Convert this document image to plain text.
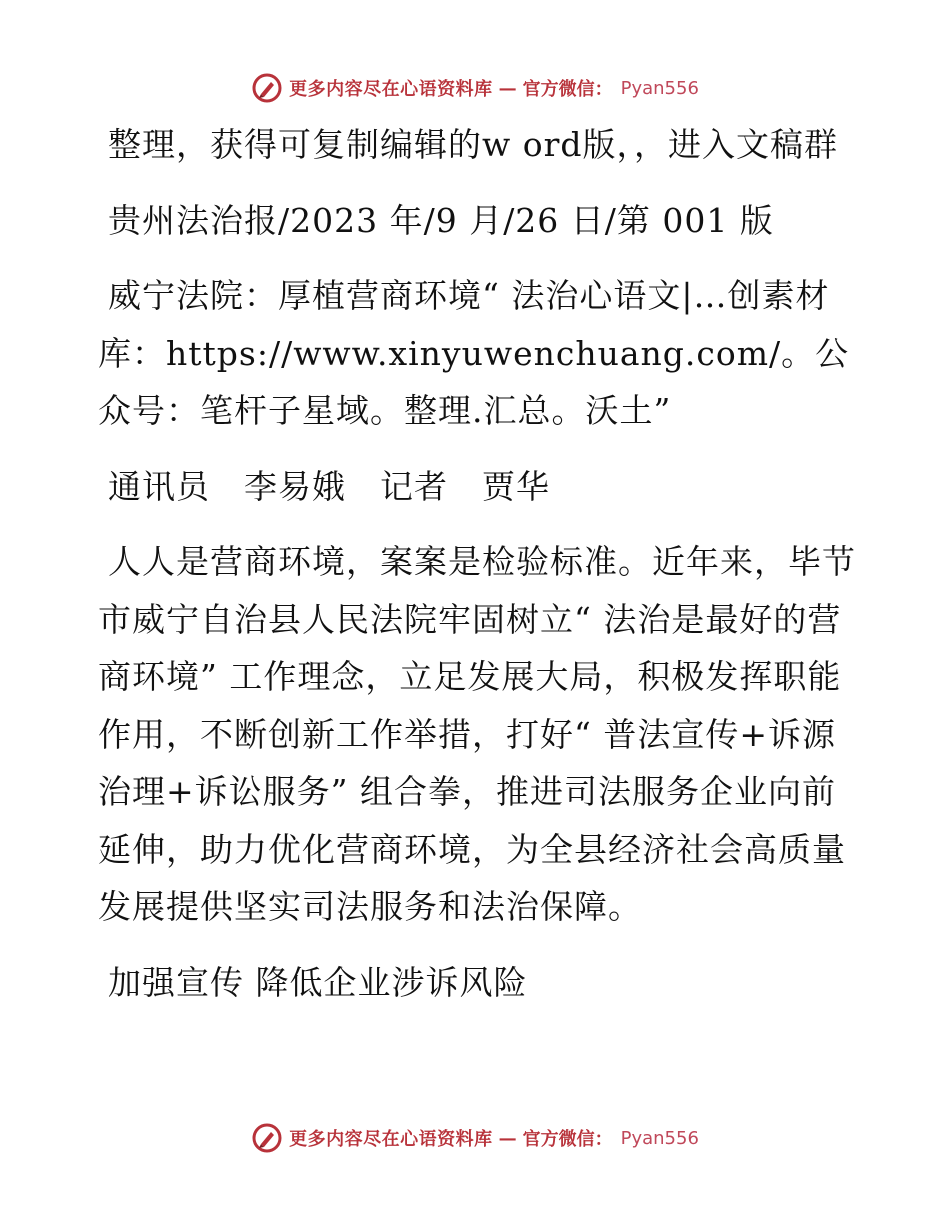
更多内容尽在心语资料库 — 官方微信： Pyan556

整理，获得可复制编辑的w ord版，，进入文稿群

贵州法治报/2023 年/9 月/26 日/第 001 版

威宁法院：厚植营商环境“ 法治心语文|…创素材库：https://www.xinyuwenchuang.com/。公众号：笔杆子星域。整理.汇总。沃土”

通讯员　李易娥　记者　贾华

人人是营商环境，案案是检验标准。近年来，毕节市威宁自治县人民法院牢固树立“ 法治是最好的营商环境” 工作理念，立足发展大局，积极发挥职能作用，不断创新工作举措，打好“ 普法宣传+诉源治理+诉讼服务” 组合拳，推进司法服务企业向前延伸，助力优化营商环境，为全县经济社会高质量发展提供坚实司法服务和法治保障。

加强宣传 降低企业涉诉风险

更多内容尽在心语资料库 — 官方微信： Pyan556
